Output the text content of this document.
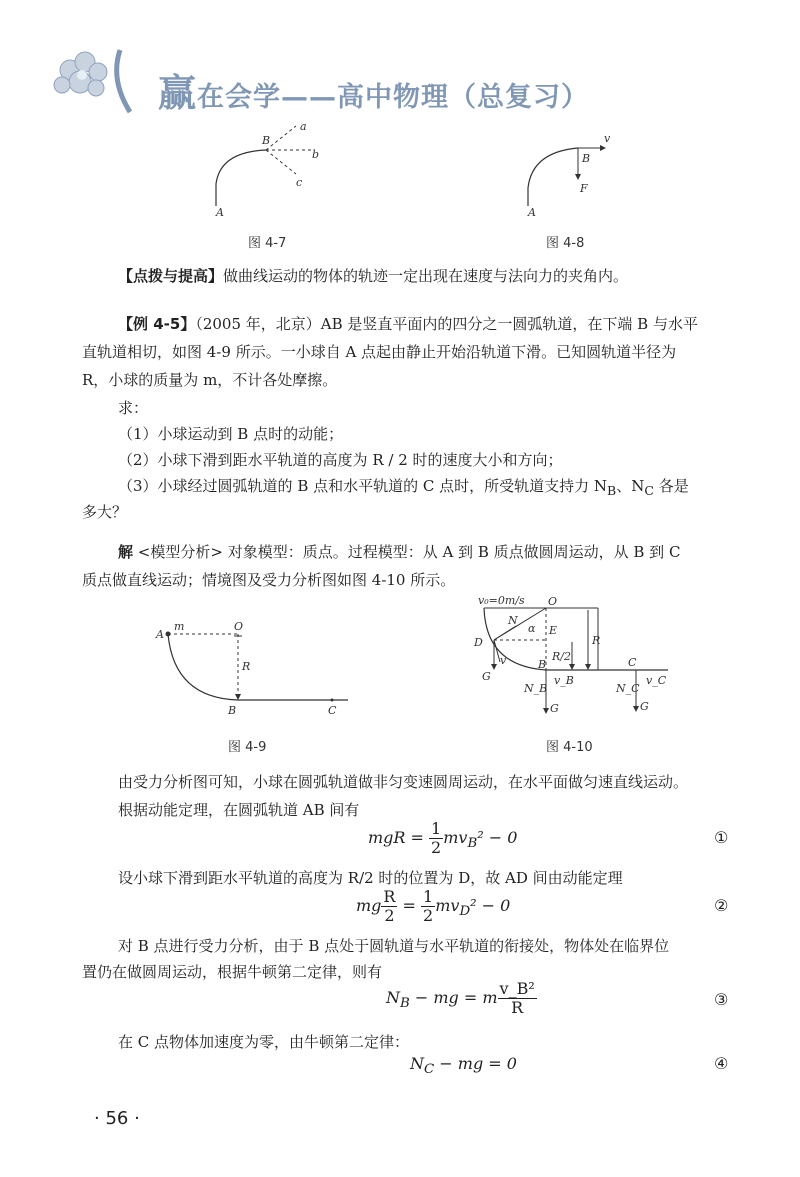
赢在会学——高中物理（总复习）
a
b
c
B
A
图 4-7
v
B
F
A
图 4-8
【点拨与提高】做曲线运动的物体的轨迹一定出现在速度与法向力的夹角内。
【例 4-5】（2005 年，北京）AB 是竖直平面内的四分之一圆弧轨道，在下端 B 与水平
直轨道相切，如图 4-9 所示。一小球自 A 点起由静止开始沿轨道下滑。已知圆轨道半径为
R，小球的质量为 m，不计各处摩擦。
求：
（1）小球运动到 B 点时的动能；
（2）小球下滑到距水平轨道的高度为 R / 2 时的速度大小和方向；
（3）小球经过圆弧轨道的 B 点和水平轨道的 C 点时，所受轨道支持力 $N_B$、$N_C$ 各是
多大？
解 <模型分析> 对象模型：质点。过程模型：从 A 到 B 质点做圆周运动，从 B 到 C
质点做直线运动；情境图及受力分析图如图 4-10 所示。
m
A
O
R
B	C
图 4-9
v₀=0m/s O
N
α E
R
D
R/2
v
G
B
v_B
C
v_C
N_B	N_C
G	G
图 4-10
由受力分析图可知，小球在圆弧轨道做非匀变速圆周运动，在水平面做匀速直线运动。
根据动能定理，在圆弧轨道 AB 间有
mgR = $\frac{1}{2} mv_B^2 - 0$	①
设小球下滑到距水平轨道的高度为 R/2 时的位置为 D，故 AD 间由动能定理
mg $\frac{R}{2} = \frac{1}{2} mv_D^2 - 0$	②
对 B 点进行受力分析，由于 B 点处于圆轨道与水平轨道的衔接处，物体处在临界位
置仍在做圆周运动，根据牛顿第二定律，则有
$N_B$ − mg = m $\frac{\text{v\_B²}}{R}$	③
在 C 点物体加速度为零，由牛顿第二定律：
$N_C$ − mg = 0	④
· 56 ·
